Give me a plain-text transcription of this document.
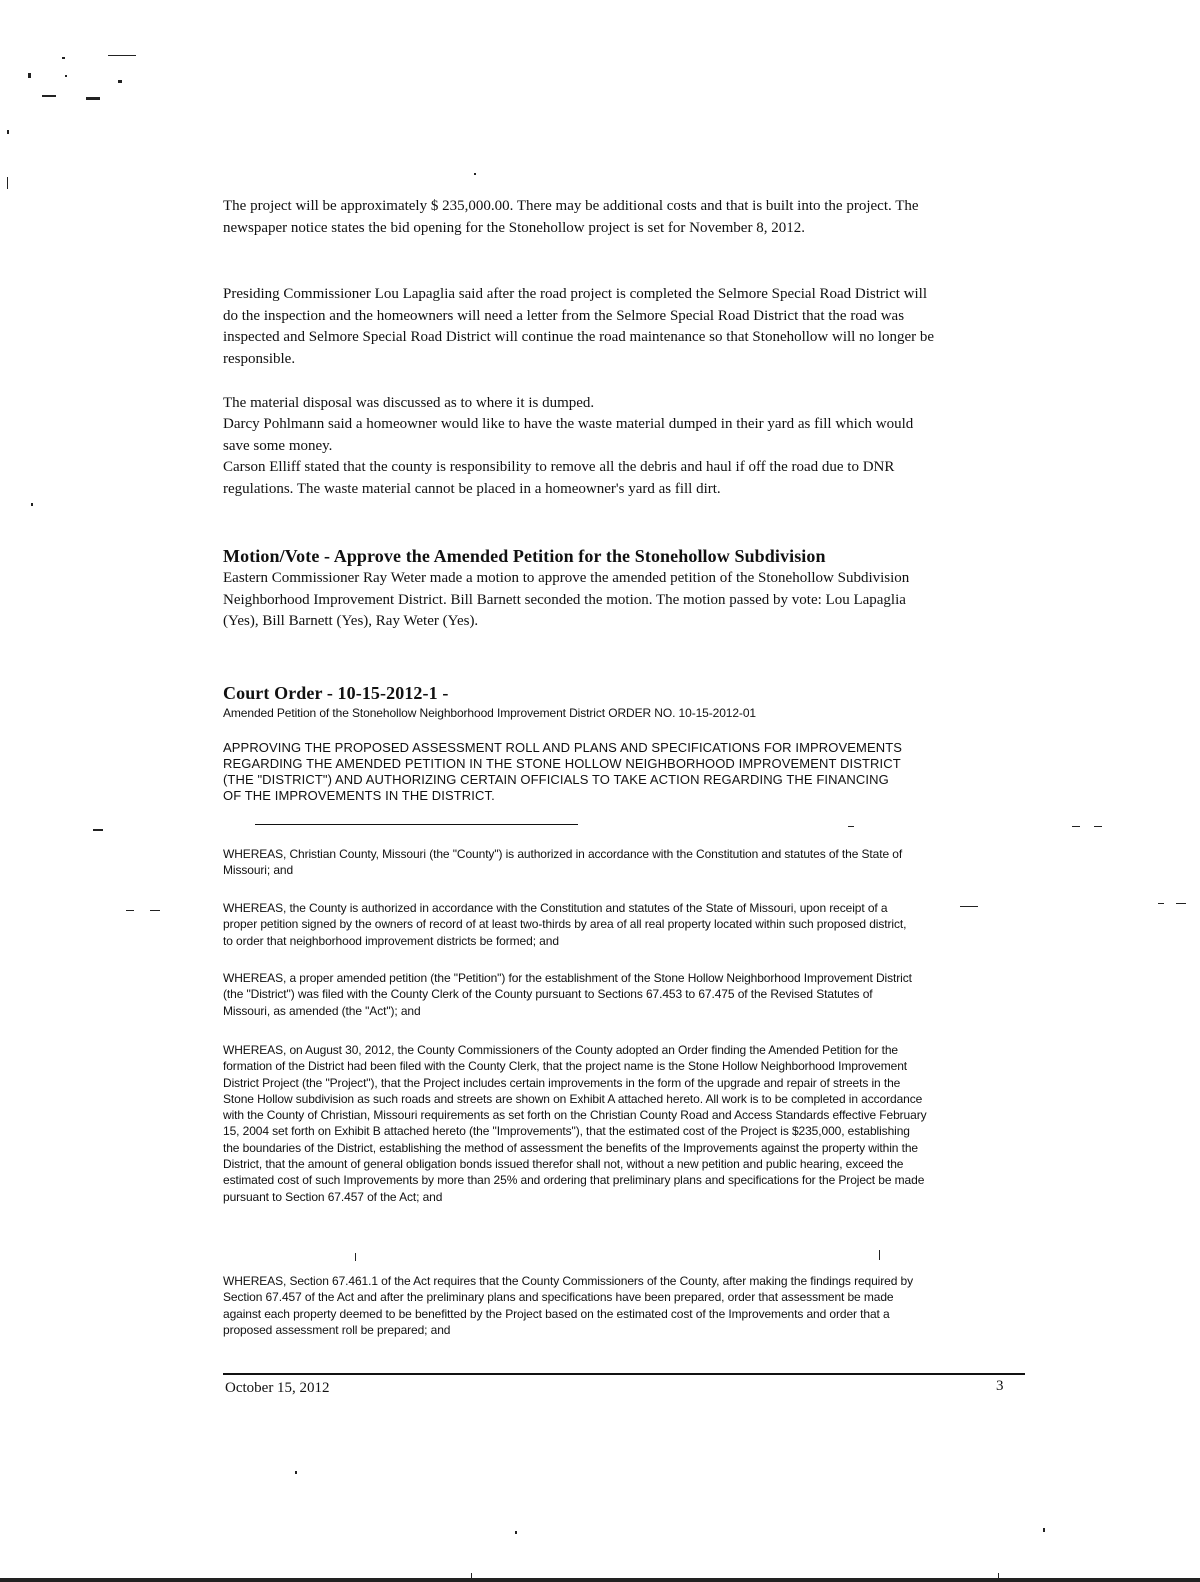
The project will be approximately $ 235,000.00. There may be additional costs and that is built into the project. The newspaper notice states the bid opening for the Stonehollow project is set for November 8, 2012.

Presiding Commissioner Lou Lapaglia said after the road project is completed the Selmore Special Road District will do the inspection and the homeowners will need a letter from the Selmore Special Road District that the road was inspected and Selmore Special Road District will continue the road maintenance so that Stonehollow will no longer be responsible.

The material disposal was discussed as to where it is dumped.

Darcy Pohlmann said a homeowner would like to have the waste material dumped in their yard as fill which would save some money.

Carson Elliff stated that the county is responsibility to remove all the debris and haul if off the road due to DNR regulations. The waste material cannot be placed in a homeowner's yard as fill dirt.

Motion/Vote - Approve the Amended Petition for the Stonehollow Subdivision

Eastern Commissioner Ray Weter made a motion to approve the amended petition of the Stonehollow Subdivision Neighborhood Improvement District. Bill Barnett seconded the motion. The motion passed by vote: Lou Lapaglia (Yes), Bill Barnett (Yes), Ray Weter (Yes).

Court Order - 10-15-2012-1 -

Amended Petition of the Stonehollow Neighborhood Improvement District ORDER NO. 10-15-2012-01

APPROVING THE PROPOSED ASSESSMENT ROLL AND PLANS AND SPECIFICATIONS FOR IMPROVEMENTS REGARDING THE AMENDED PETITION IN THE STONE HOLLOW NEIGHBORHOOD IMPROVEMENT DISTRICT (THE "DISTRICT") AND AUTHORIZING CERTAIN OFFICIALS TO TAKE ACTION REGARDING THE FINANCING OF THE IMPROVEMENTS IN THE DISTRICT.

WHEREAS, Christian County, Missouri (the "County") is authorized in accordance with the Constitution and statutes of the State of Missouri; and

WHEREAS, the County is authorized in accordance with the Constitution and statutes of the State of Missouri, upon receipt of a proper petition signed by the owners of record of at least two-thirds by area of all real property located within such proposed district, to order that neighborhood improvement districts be formed; and

WHEREAS, a proper amended petition (the "Petition") for the establishment of the Stone Hollow Neighborhood Improvement District (the "District") was filed with the County Clerk of the County pursuant to Sections 67.453 to 67.475 of the Revised Statutes of Missouri, as amended (the "Act"); and

WHEREAS, on August 30, 2012, the County Commissioners of the County adopted an Order finding the Amended Petition for the formation of the District had been filed with the County Clerk, that the project name is the Stone Hollow Neighborhood Improvement District Project (the "Project"), that the Project includes certain improvements in the form of the upgrade and repair of streets in the Stone Hollow subdivision as such roads and streets are shown on Exhibit A attached hereto. All work is to be completed in accordance with the County of Christian, Missouri requirements as set forth on the Christian County Road and Access Standards effective February 15, 2004 set forth on Exhibit B attached hereto (the "Improvements"), that the estimated cost of the Project is $235,000, establishing the boundaries of the District, establishing the method of assessment the benefits of the Improvements against the property within the District, that the amount of general obligation bonds issued therefor shall not, without a new petition and public hearing, exceed the estimated cost of such Improvements by more than 25% and ordering that preliminary plans and specifications for the Project be made pursuant to Section 67.457 of the Act; and

WHEREAS, Section 67.461.1 of the Act requires that the County Commissioners of the County, after making the findings required by Section 67.457 of the Act and after the preliminary plans and specifications have been prepared, order that assessment be made against each property deemed to be benefitted by the Project based on the estimated cost of the Improvements and order that a proposed assessment roll be prepared; and

October 15, 2012	3
